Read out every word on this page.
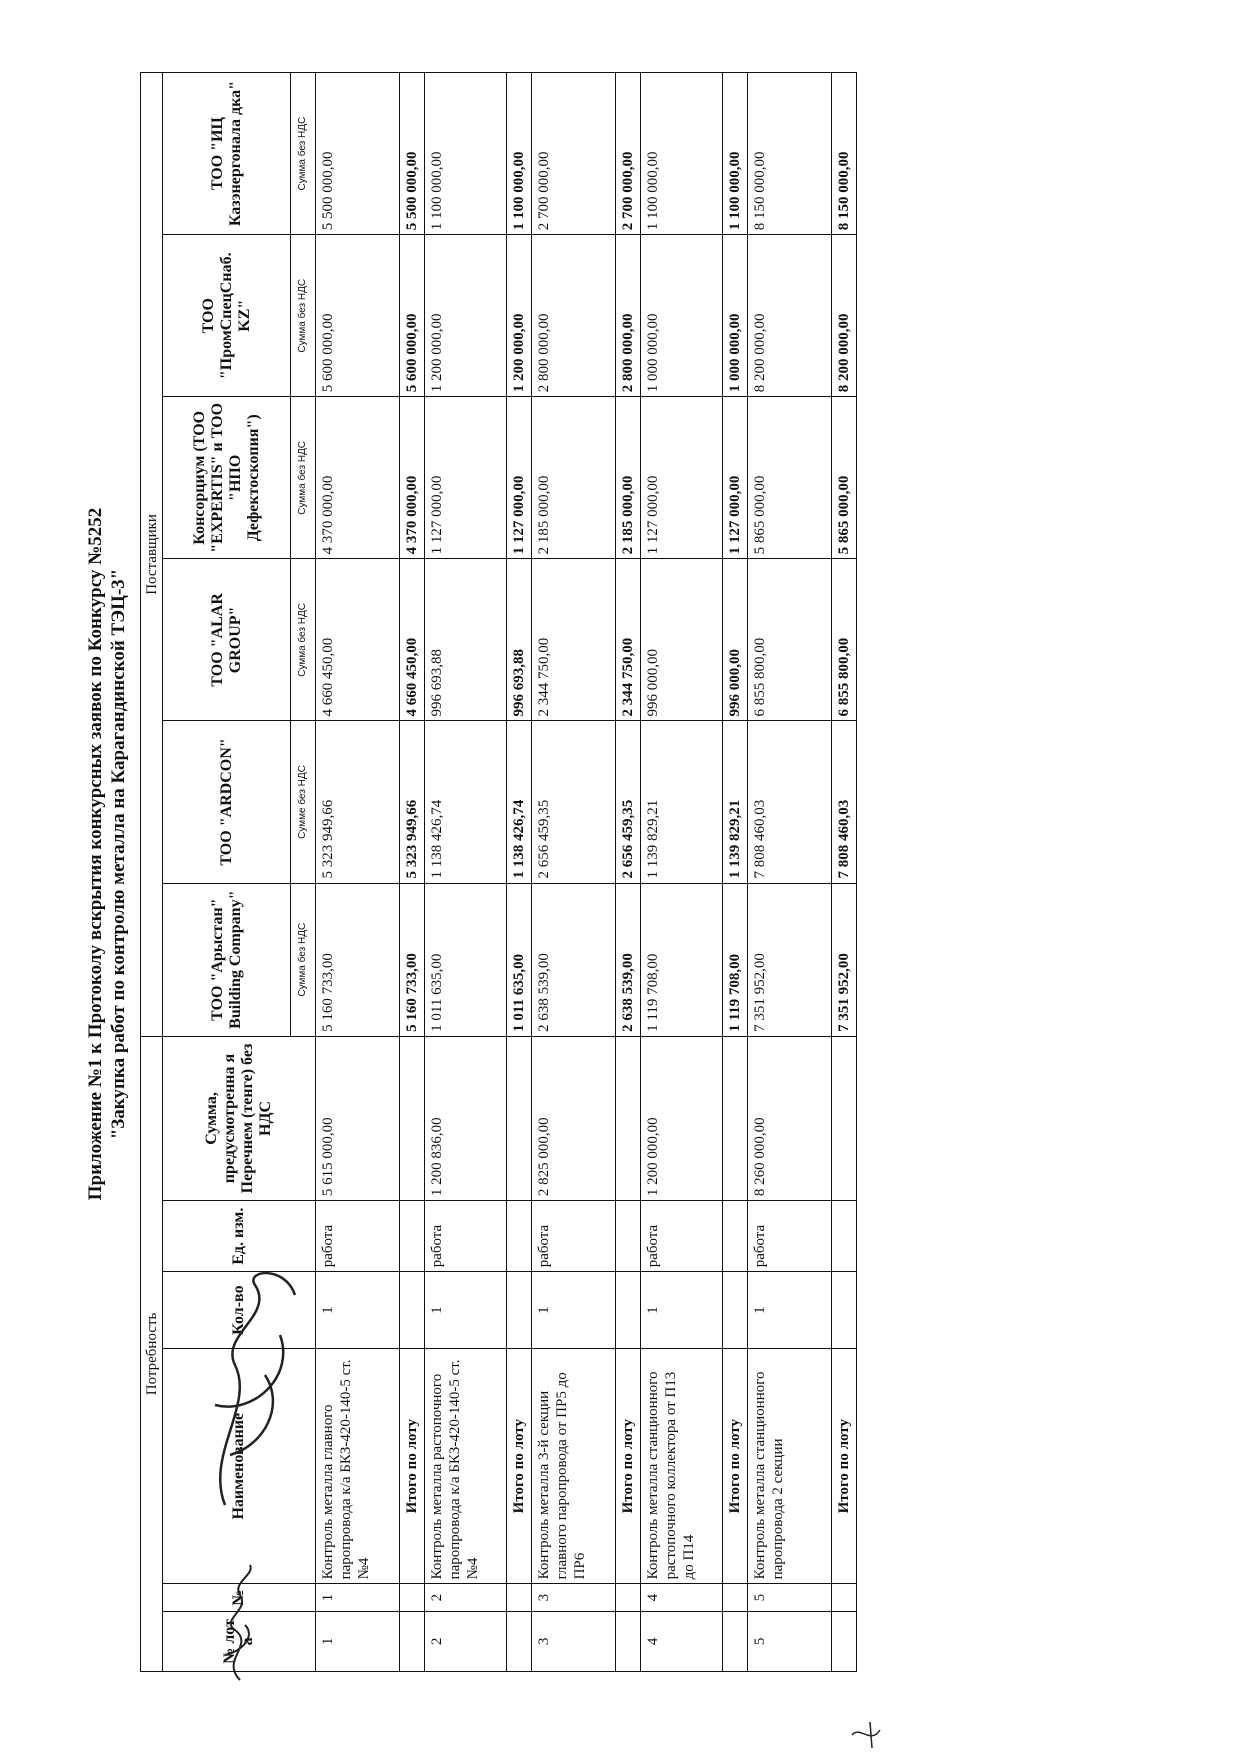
Приложение №1 к Протоколу вскрытия конкурсных заявок по Конкурсу №5252 "Закупка работ по контролю металла на Карагандинской ТЭЦ-3"
Потребность						Поставщики					
№ лот а	№	Наименование	Кол-во	Ед. изм.	Сумма, предусмотренна я Перечнем (тенге) без НДС	ТОО "Арыстан" Building Company"	ТОО "ARDCON"	ТОО "ALAR GROUP"	Консорциум (ТОО "EXPERTIS" и ТОО "НПО Дефектоскопия")	ТОО "ПромСпецСнаб. KZ"	ТОО "ИЦ Казэнергонала дка"
						Сумма без НДС	Сумме без НДС	Сумма без НДС	Сумма без НДС	Сумма без НДС	Сумма без НДС
1	1	Контроль металла главного паропровода к/а БКЗ-420-140-5 ст.№4	1	работа	5 615 000,00	5 160 733,00	5 323 949,66	4 660 450,00	4 370 000,00	5 600 000,00	5 500 000,00
		Итого по лоту				5 160 733,00	5 323 949,66	4 660 450,00	4 370 000,00	5 600 000,00	5 500 000,00
2	2	Контроль металла растопочного паропровода к/а БКЗ-420-140-5 ст.№4	1	работа	1 200 836,00	1 011 635,00	1 138 426,74	996 693,88	1 127 000,00	1 200 000,00	1 100 000,00
		Итого по лоту				1 011 635,00	1 138 426,74	996 693,88	1 127 000,00	1 200 000,00	1 100 000,00
3	3	Контроль металла 3-й секции главного паропровода от ПР5 до ПР6	1	работа	2 825 000,00	2 638 539,00	2 656 459,35	2 344 750,00	2 185 000,00	2 800 000,00	2 700 000,00
		Итого по лоту				2 638 539,00	2 656 459,35	2 344 750,00	2 185 000,00	2 800 000,00	2 700 000,00
4	4	Контроль металла станционного растопочного коллектора от П13 до П14	1	работа	1 200 000,00	1 119 708,00	1 139 829,21	996 000,00	1 127 000,00	1 000 000,00	1 100 000,00
		Итого по лоту				1 119 708,00	1 139 829,21	996 000,00	1 127 000,00	1 000 000,00	1 100 000,00
5	5	Контроль металла станционного паропровода 2 секции	1	работа	8 260 000,00	7 351 952,00	7 808 460,03	6 855 800,00	5 865 000,00	8 200 000,00	8 150 000,00
		Итого по лоту				7 351 952,00	7 808 460,03	6 855 800,00	5 865 000,00	8 200 000,00	8 150 000,00
